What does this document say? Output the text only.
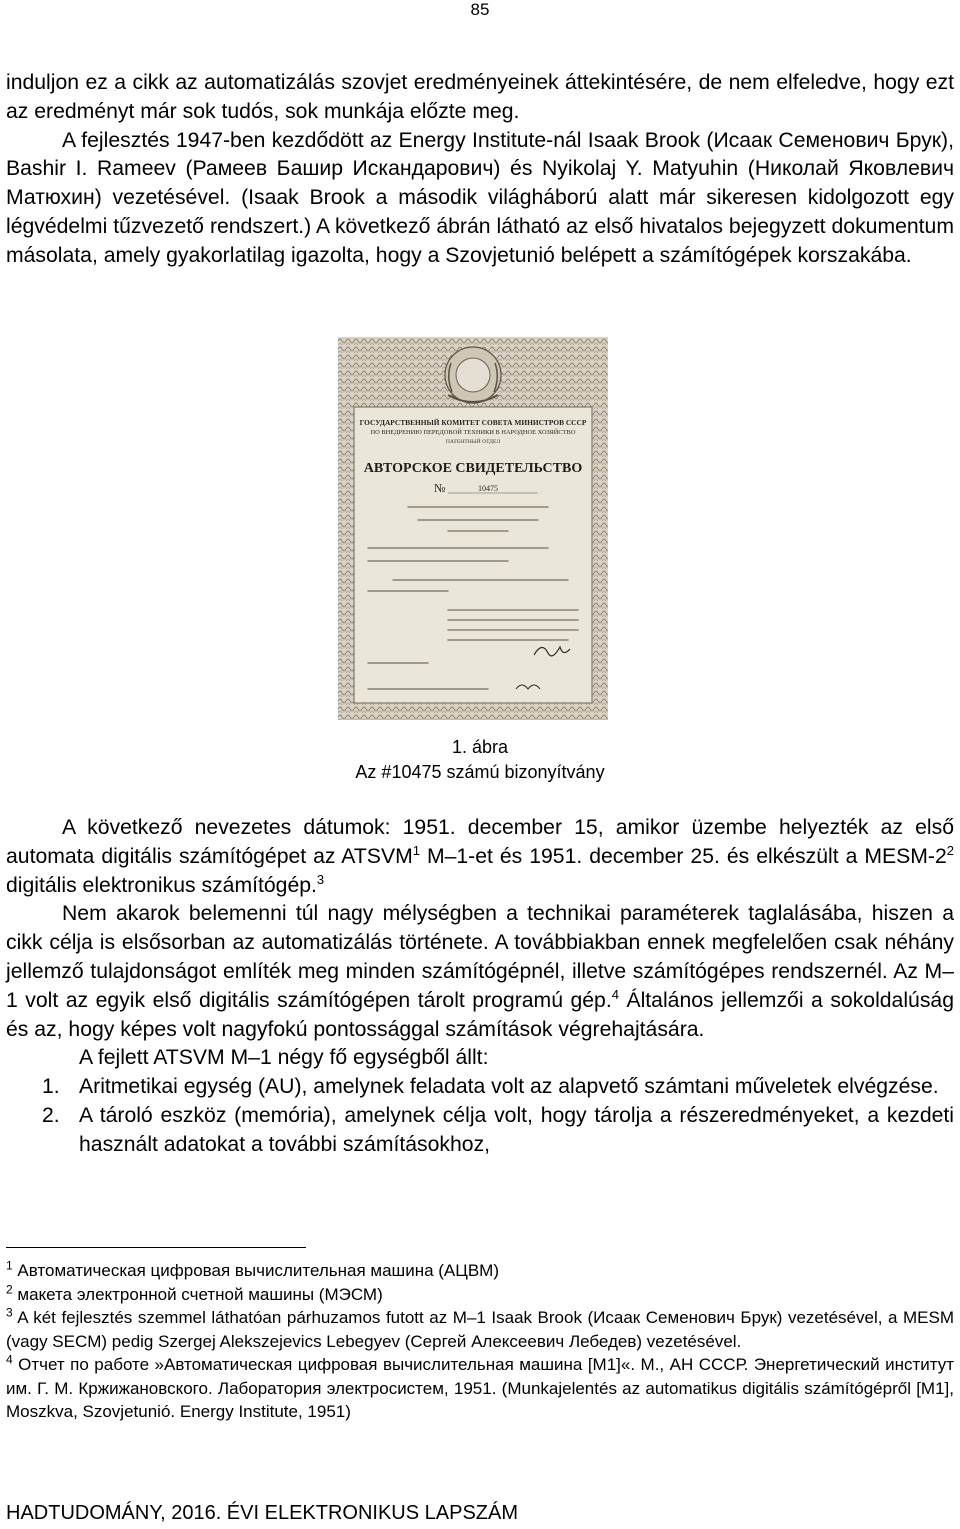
85
induljon ez a cikk az automatizálás szovjet eredményeinek áttekintésére, de nem elfeledve, hogy ezt az eredményt már sok tudós, sok munkája előzte meg.
A fejlesztés 1947-ben kezdődött az Energy Institute-nál Isaak Brook (Исаак Семенович Брук), Bashir I. Rameev (Рамеев Башир Искандарович) és Nyikolaj Y. Matyuhin (Николай Яковлевич Матюхин) vezetésével. (Isaak Brook a második világháború alatt már sikeresen kidolgozott egy légvédelmi tűzvezető rendszert.) A következő ábrán látható az első hivatalos bejegyzett dokumentum másolata, amely gyakorlatilag igazolta, hogy a Szovjetunió belépett a számítógépek korszakába.
ГОСУДАРСТВЕННЫЙ КОМИТЕТ СОВЕТА МИНИСТРОВ СССР
ПО ВНЕДРЕНИЮ ПЕРЕДОВОЙ ТЕХНИКИ В НАРОДНОЕ ХОЗЯЙСТВО
ПАТЕНТНЫЙ ОТДЕЛ
АВТОРСКОЕ СВИДЕТЕЛЬСТВО
№	10475
1. ábra
Az #10475 számú bizonyítvány

A következő nevezetes dátumok: 1951. december 15, amikor üzembe helyezték az első automata digitális számítógépet az ATSVM$^1$ M–1-et és 1951. december 25. és elkészült a MESM-$2^2$ digitális elektronikus számítógép.$^3$

Nem akarok belemenni túl nagy mélységben a technikai paraméterek taglalásába, hiszen a cikk célja is elsősorban az automatizálás története. A továbbiakban ennek megfelelően csak néhány jellemző tulajdonságot említék meg minden számítógépnél, illetve számítógépes rendszernél. Az M–1 volt az egyik első digitális számítógépen tárolt programú gép.$^4$ Általános jellemzői a sokoldalúság és az, hogy képes volt nagyfokú pontossággal számítások végrehajtására.

A fejlett ATSVM M–1 négy fő egységből állt:

1. Aritmetikai egység (AU), amelynek feladata volt az alapvető számtani műveletek elvégzése.
2. A tároló eszköz (memória), amelynek célja volt, hogy tárolja a részeredményeket, a kezdeti használt adatokat a további számításokhoz,

$^1$ Автоматическая цифровая вычислительная машина (АЦВМ)

$^2$ макета электронной счетной машины (МЭСМ)

$^3$ A két fejlesztés szemmel láthatóan párhuzamos futott az M–1 Isaak Brook (Исаак Семенович Брук) vezetésével, a MESM (vagy SECM) pedig Szergej Alekszejevics Lebegyev (Сергей Алексеевич Лебедев) vezetésével.

$^4$ Отчет по работе »Автоматическая цифровая вычислительная машина [М1]«. М., АН СССР. Энергетический институт им. Г. М. Кржижановского. Лаборатория электросистем, 1951. (Munkajelentés az automatikus digitális számítógépről [M1], Moszkva, Szovjetunió. Energy Institute, 1951)

HADTUDOMÁNY, 2016. ÉVI ELEKTRONIKUS LAPSZÁM
